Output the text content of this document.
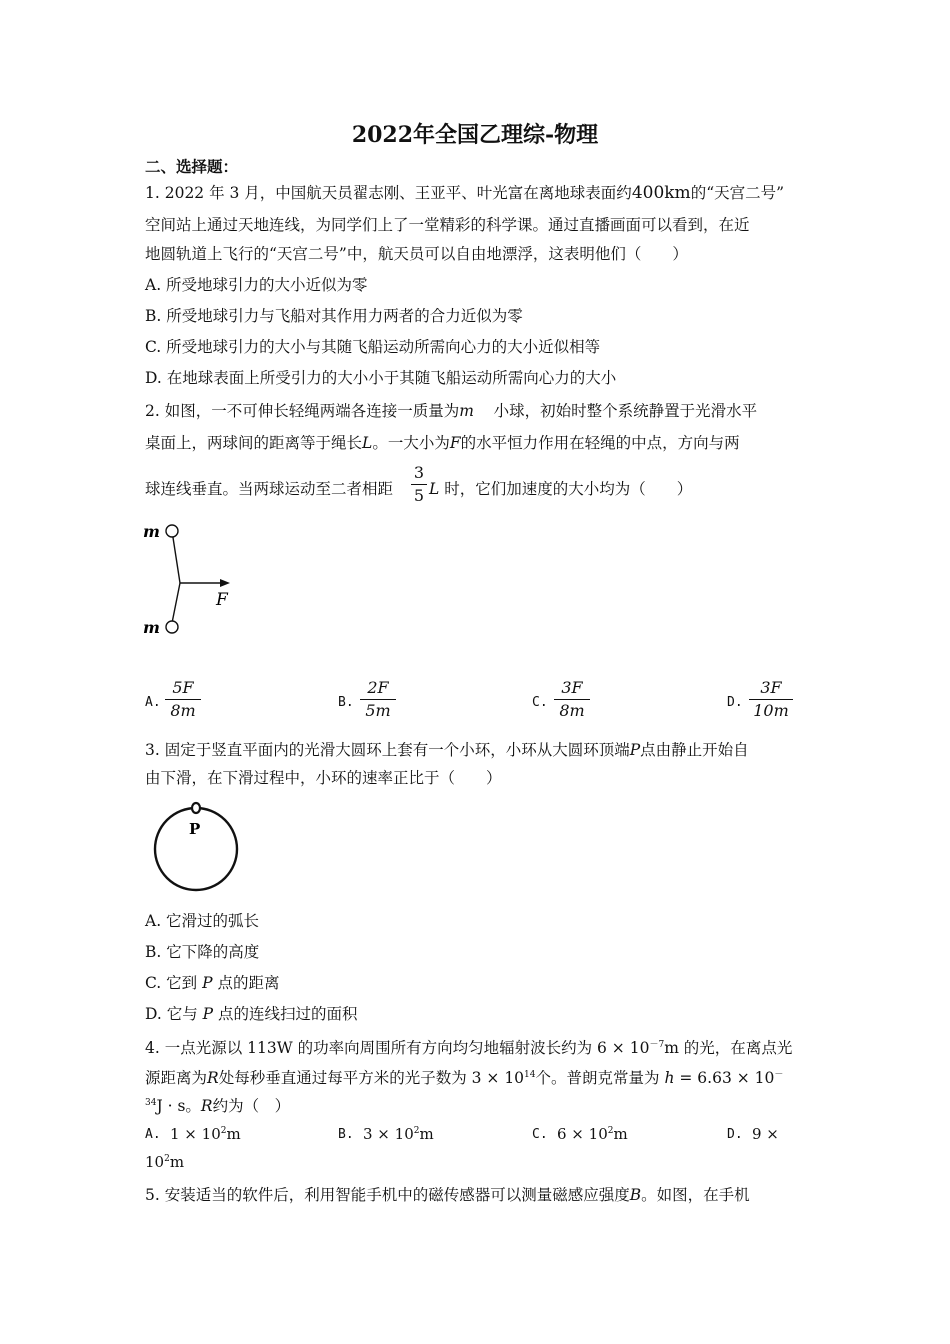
2022年全国乙理综-物理
二、选择题：
1. 2022 年 3 月，中国航天员翟志刚、王亚平、叶光富在离地球表面约400km的“天宫二号”
空间站上通过天地连线，为同学们上了一堂精彩的科学课。通过直播画面可以看到，在近
地圆轨道上飞行的“天宫二号”中，航天员可以自由地漂浮，这表明他们（　　）
A. 所受地球引力的大小近似为零
B. 所受地球引力与飞船对其作用力两者的合力近似为零
C. 所受地球引力的大小与其随飞船运动所需向心力的大小近似相等
D. 在地球表面上所受引力的大小小于其随飞船运动所需向心力的大小
2. 如图，一不可伸长轻绳两端各连接一质量为m 小球，初始时整个系统静置于光滑水平
桌面上，两球间的距离等于绳长L。一大小为F的水平恒力作用在轻绳的中点，方向与两
球连线垂直。当两球运动至二者相距
3
5 L 时，它们加速度的大小均为（　　）
m
m
F
A.
5F
8m	B.
2F
5m	C.
3F
8m	D.
3F
10m
3. 固定于竖直平面内的光滑大圆环上套有一个小环，小环从大圆环顶端P点由静止开始自
由下滑，在下滑过程中，小环的速率正比于（　　）
P
A. 它滑过的弧长
B. 它下降的高度
C. 它到 P 点的距离
D. 它与 P 点的连线扫过的面积
4. 一点光源以 113W 的功率向周围所有方向均匀地辐射波长约为 $6 \times 10^{-7}m$ 的光，在离点光
源距离为R处每秒垂直通过每平方米的光子数为 $3 \times 10^{14}$个。普朗克常量为 h = 6.63 × 10－
$^{34}$J · s。R约为（　）
A. $1 \times 10^2m$	B. $3 \times 10^2m$	C. $6 \times 10^2m$	D. 9 ×
$10^2m$
5. 安装适当的软件后，利用智能手机中的磁传感器可以测量磁感应强度B。如图，在手机
